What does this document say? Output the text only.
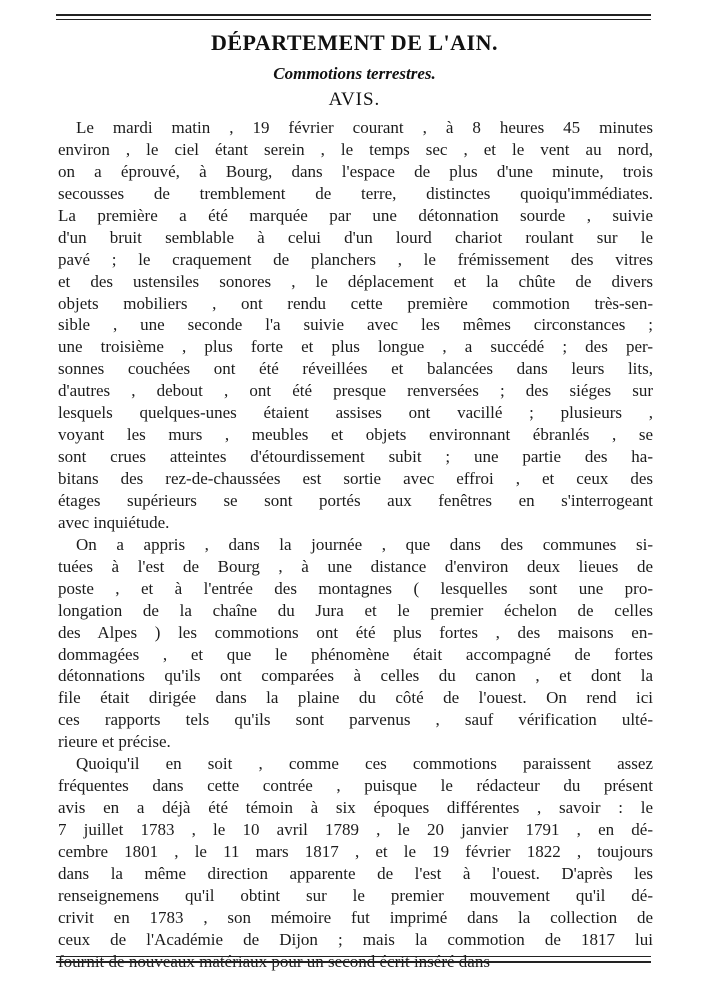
DÉPARTEMENT DE L'AIN.
Commotions terrestres.
AVIS.
Le mardi matin , 19 février courant , à 8 heures 45 minutes
environ , le ciel étant serein , le temps sec , et le vent au nord,
on a éprouvé, à Bourg, dans l'espace de plus d'une minute, trois
secousses de tremblement de terre, distinctes quoiqu'immédiates.
La première a été marquée par une détonnation sourde , suivie
d'un bruit semblable à celui d'un lourd chariot roulant sur le
pavé ; le craquement de planchers , le frémissement des vitres
et des ustensiles sonores , le déplacement et la chûte de divers
objets mobiliers , ont rendu cette première commotion très-sen-
sible , une seconde l'a suivie avec les mêmes circonstances ;
une troisième , plus forte et plus longue , a succédé ; des per-
sonnes couchées ont été réveillées et balancées dans leurs lits,
d'autres , debout , ont été presque renversées ; des siéges sur
lesquels quelques-unes étaient assises ont vacillé ; plusieurs ,
voyant les murs , meubles et objets environnant ébranlés , se
sont crues atteintes d'étourdissement subit ; une partie des ha-
bitans des rez-de-chaussées est sortie avec effroi , et ceux des
étages supérieurs se sont portés aux fenêtres en s'interrogeant
avec inquiétude.
On a appris , dans la journée , que dans des communes si-
tuées à l'est de Bourg , à une distance d'environ deux lieues de
poste , et à l'entrée des montagnes ( lesquelles sont une pro-
longation de la chaîne du Jura et le premier échelon de celles
des Alpes ) les commotions ont été plus fortes , des maisons en-
dommagées , et que le phénomène était accompagné de fortes
détonnations qu'ils ont comparées à celles du canon , et dont la
file était dirigée dans la plaine du côté de l'ouest. On rend ici
ces rapports tels qu'ils sont parvenus , sauf vérification ulté-
rieure et précise.
Quoiqu'il en soit , comme ces commotions paraissent assez
fréquentes dans cette contrée , puisque le rédacteur du présent
avis en a déjà été témoin à six époques différentes , savoir : le
7 juillet 1783 , le 10 avril 1789 , le 20 janvier 1791 , en dé-
cembre 1801 , le 11 mars 1817 , et le 19 février 1822 , toujours
dans la même direction apparente de l'est à l'ouest. D'après les
renseignemens qu'il obtint sur le premier mouvement qu'il dé-
crivit en 1783 , son mémoire fut imprimé dans la collection de
ceux de l'Académie de Dijon ; mais la commotion de 1817 lui
fournit de nouveaux matériaux pour un second écrit inséré dans
